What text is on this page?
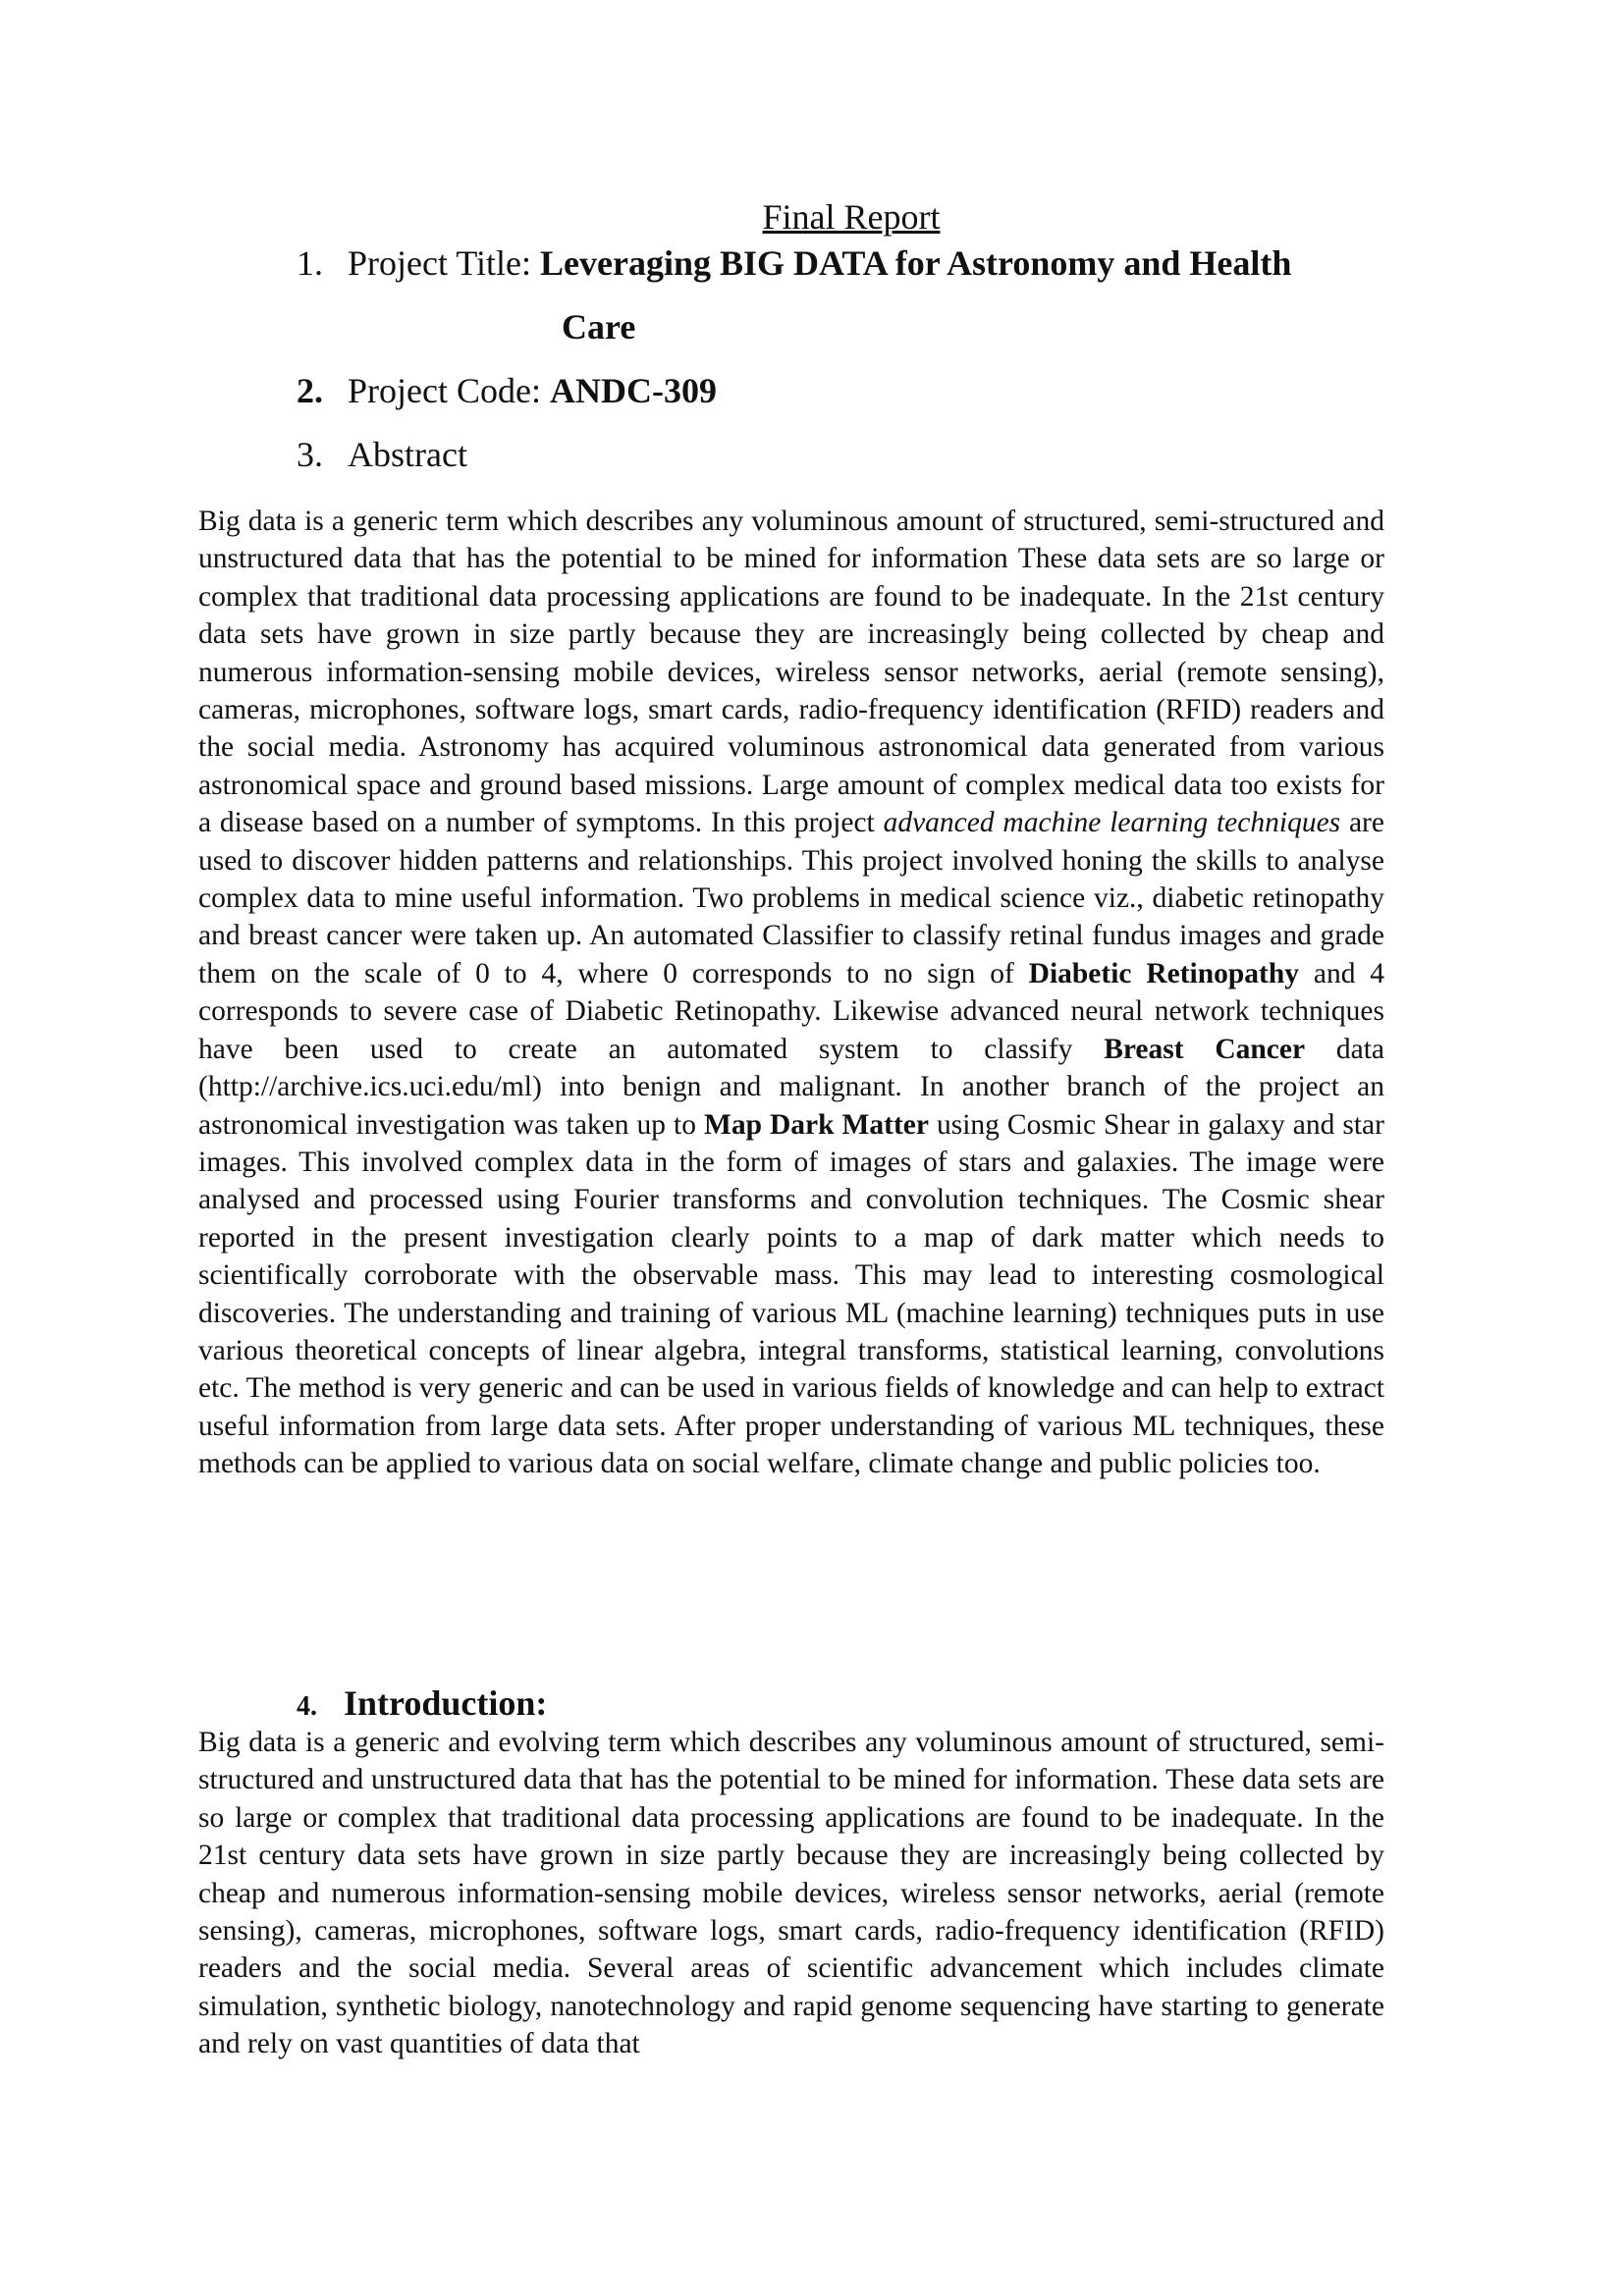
Final Report
1. Project Title: Leveraging BIG DATA for Astronomy and Health
Care
2. Project Code: ANDC-309
3. Abstract

Big data is a generic term which describes any voluminous amount of structured, semi-structured and unstructured data that has the potential to be mined for information These data sets are so large or complex that traditional data processing applications are found to be inadequate. In the 21st century data sets have grown in size partly because they are increasingly being collected by cheap and numerous information-sensing mobile devices, wireless sensor networks, aerial (remote sensing), cameras, microphones, software logs, smart cards, radio-frequency identification (RFID) readers and the social media. Astronomy has acquired voluminous astronomical data generated from various astronomical space and ground based missions. Large amount of complex medical data too exists for a disease based on a number of symptoms. In this project advanced machine learning techniques are used to discover hidden patterns and relationships. This project involved honing the skills to analyse complex data to mine useful information. Two problems in medical science viz., diabetic retinopathy and breast cancer were taken up. An automated Classifier to classify retinal fundus images and grade them on the scale of 0 to 4, where 0 corresponds to no sign of Diabetic Retinopathy and 4 corresponds to severe case of Diabetic Retinopathy. Likewise advanced neural network techniques have been used to create an automated system to classify Breast Cancer data (http://archive.ics.uci.edu/ml) into benign and malignant. In another branch of the project an astronomical investigation was taken up to Map Dark Matter using Cosmic Shear in galaxy and star images. This involved complex data in the form of images of stars and galaxies. The image were analysed and processed using Fourier transforms and convolution techniques. The Cosmic shear reported in the present investigation clearly points to a map of dark matter which needs to scientifically corroborate with the observable mass. This may lead to interesting cosmological discoveries. The understanding and training of various ML (machine learning) techniques puts in use various theoretical concepts of linear algebra, integral transforms, statistical learning, convolutions etc. The method is very generic and can be used in various fields of knowledge and can help to extract useful information from large data sets. After proper understanding of various ML techniques, these methods can be applied to various data on social welfare, climate change and public policies too.

4. Introduction:

Big data is a generic and evolving term which describes any voluminous amount of structured, semi-structured and unstructured data that has the potential to be mined for information. These data sets are so large or complex that traditional data processing applications are found to be inadequate. In the 21st century data sets have grown in size partly because they are increasingly being collected by cheap and numerous information-sensing mobile devices, wireless sensor networks, aerial (remote sensing), cameras, microphones, software logs, smart cards, radio-frequency identification (RFID) readers and the social media. Several areas of scientific advancement which includes climate simulation, synthetic biology, nanotechnology and rapid genome sequencing have starting to generate and rely on vast quantities of data that
